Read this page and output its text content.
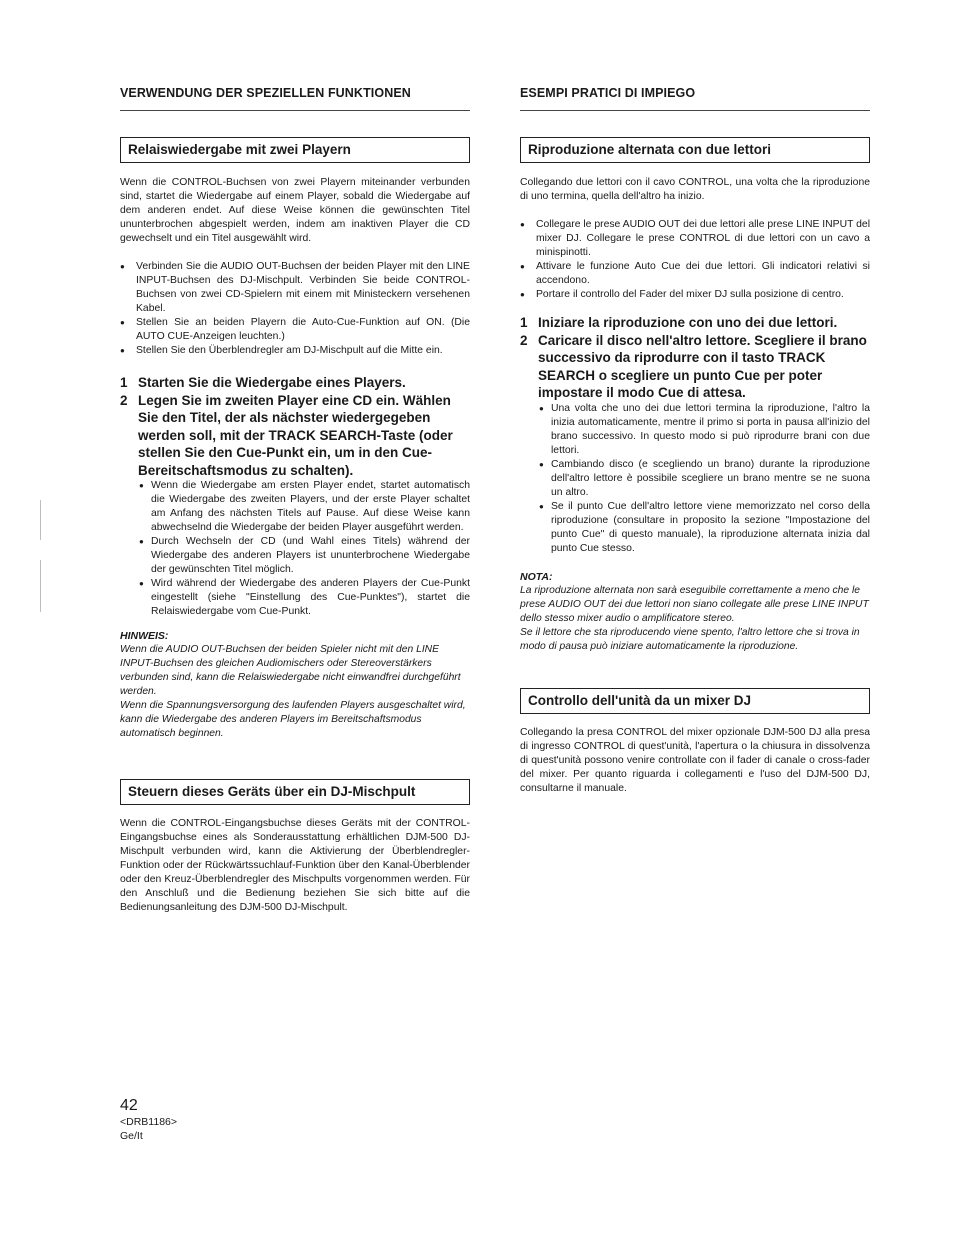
VERWENDUNG DER SPEZIELLEN FUNKTIONEN
Relaiswiedergabe mit zwei Playern

Wenn die CONTROL-Buchsen von zwei Playern miteinander verbunden sind, startet die Wiedergabe auf einem Player, sobald die Wiedergabe auf dem anderen endet. Auf diese Weise können die gewünschten Titel ununterbrochen abgespielt werden, indem am inaktiven Player die CD gewechselt und ein Titel ausgewählt wird.

● Verbinden Sie die AUDIO OUT-Buchsen der beiden Player mit den LINE INPUT-Buchsen des DJ-Mischpult. Verbinden Sie beide CONTROL-Buchsen von zwei CD-Spielern mit einem mit Ministeckern versehenen Kabel.
● Stellen Sie an beiden Playern die Auto-Cue-Funktion auf ON. (Die AUTO CUE-Anzeigen leuchten.)
● Stellen Sie den Überblendregler am DJ-Mischpult auf die Mitte ein.
1 Starten Sie die Wiedergabe eines Players.
2 Legen Sie im zweiten Player eine CD ein. Wählen Sie den Titel, der als nächster wiedergegeben werden soll, mit der TRACK SEARCH-Taste (oder stellen Sie den Cue-Punkt ein, um in den Cue-Bereitschaftsmodus zu schalten).
● Wenn die Wiedergabe am ersten Player endet, startet automatisch die Wiedergabe des zweiten Players, und der erste Player schaltet am Anfang des nächsten Titels auf Pause. Auf diese Weise kann abwechselnd die Wiedergabe der beiden Player ausgeführt werden.
● Durch Wechseln der CD (und Wahl eines Titels) während der Wiedergabe des anderen Players ist ununterbrochene Wiedergabe der gewünschten Titel möglich.
● Wird während der Wiedergabe des anderen Players der Cue-Punkt eingestellt (siehe "Einstellung des Cue-Punktes"), startet die Relaiswiedergabe vom Cue-Punkt.
HINWEIS:
Wenn die AUDIO OUT-Buchsen der beiden Spieler nicht mit den LINE INPUT-Buchsen des gleichen Audiomischers oder Stereoverstärkers verbunden sind, kann die Relaiswiedergabe nicht einwandfrei durchgeführt werden.
Wenn die Spannungsversorgung des laufenden Players ausgeschaltet wird, kann die Wiedergabe des anderen Players im Bereitschaftsmodus automatisch beginnen.
Steuern dieses Geräts über ein DJ-Mischpult

Wenn die CONTROL-Eingangsbuchse dieses Geräts mit der CONTROL-Eingangsbuchse eines als Sonderausstattung erhältlichen DJM-500 DJ-Mischpult verbunden wird, kann die Aktivierung der Überblendregler-Funktion oder der Rückwärtssuchlauf-Funktion über den Kanal-Überblender oder den Kreuz-Überblendregler des Mischpults vorgenommen werden. Für den Anschluß und die Bedienung beziehen Sie sich bitte auf die Bedienungsanleitung des DJM-500 DJ-Mischpult.

ESEMPI PRATICI DI IMPIEGO
Riproduzione alternata con due lettori

Collegando due lettori con il cavo CONTROL, una volta che la riproduzione di uno termina, quella dell'altro ha inizio.

● Collegare le prese AUDIO OUT dei due lettori alle prese LINE INPUT del mixer DJ. Collegare le prese CONTROL di due lettori con un cavo a minispinotti.
● Attivare le funzione Auto Cue dei due lettori. Gli indicatori relativi si accendono.
● Portare il controllo del Fader del mixer DJ sulla posizione di centro.
1 Iniziare la riproduzione con uno dei due lettori.
2 Caricare il disco nell'altro lettore. Scegliere il brano successivo da riprodurre con il tasto TRACK SEARCH o scegliere un punto Cue per poter impostare il modo Cue di attesa.
● Una volta che uno dei due lettori termina la riproduzione, l'altro la inizia automaticamente, mentre il primo si porta in pausa all'inizio del brano successivo. In questo modo si può riprodurre brani con due lettori.
● Cambiando disco (e scegliendo un brano) durante la riproduzione dell'altro lettore è possibile scegliere un brano mentre se ne suona un altro.
● Se il punto Cue dell'altro lettore viene memorizzato nel corso della riproduzione (consultare in proposito la sezione "Impostazione del punto Cue" di questo manuale), la riproduzione alternata inizia dal punto Cue stesso.
NOTA:
La riproduzione alternata non sarà eseguibile correttamente a meno che le prese AUDIO OUT dei due lettori non siano collegate alle prese LINE INPUT dello stesso mixer audio o amplificatore stereo.
Se il lettore che sta riproducendo viene spento, l'altro lettore che si trova in modo di pausa può iniziare automaticamente la riproduzione.
Controllo dell'unità da un mixer DJ

Collegando la presa CONTROL del mixer opzionale DJM-500 DJ alla presa di ingresso CONTROL di quest'unità, l'apertura o la chiusura in dissolvenza di quest'unità possono venire controllate con il fader di canale o cross-fader del mixer. Per quanto riguarda i collegamenti e l'uso del DJM-500 DJ, consultarne il manuale.

42
<DRB1186>
Ge/It
